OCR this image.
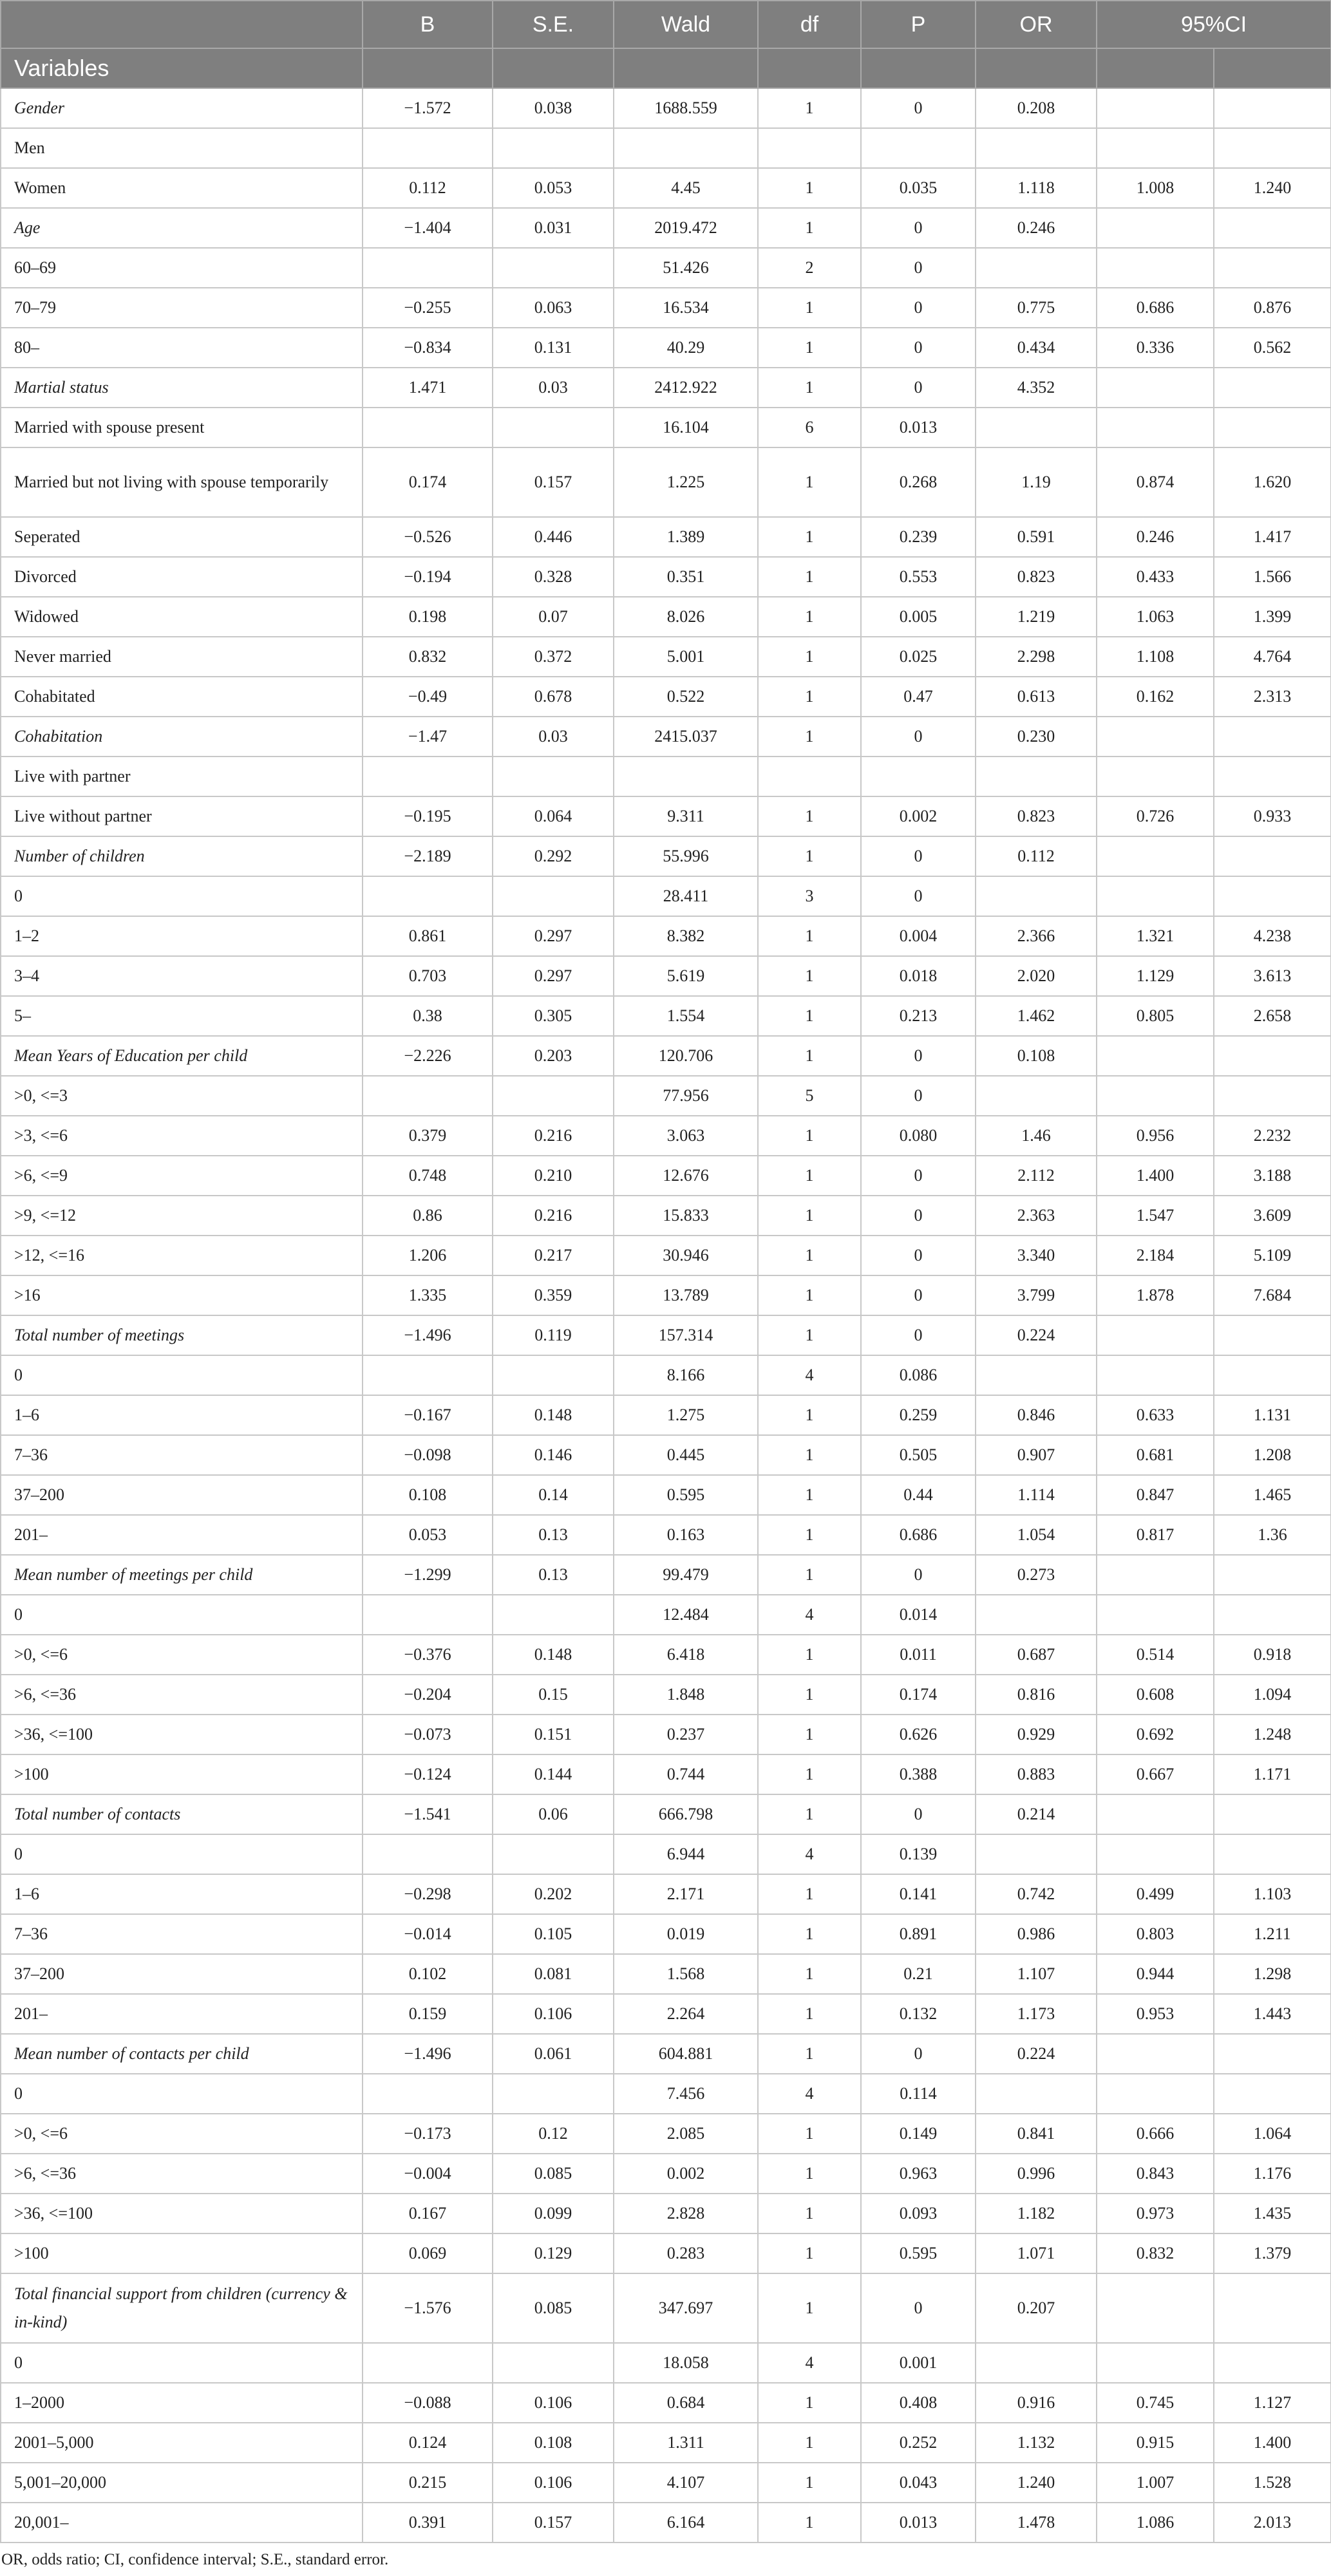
	B	S.E.	Wald	df	P	OR	95%CI	
Variables								
Gender	−1.572	0.038	1688.559	1	0	0.208		
Men								
Women	0.112	0.053	4.45	1	0.035	1.118	1.008	1.240
Age	−1.404	0.031	2019.472	1	0	0.246		
60–69			51.426	2	0			
70–79	−0.255	0.063	16.534	1	0	0.775	0.686	0.876
80–	−0.834	0.131	40.29	1	0	0.434	0.336	0.562
Martial status	1.471	0.03	2412.922	1	0	4.352		
Married with spouse present			16.104	6	0.013			
Married but not living with spouse temporarily	0.174	0.157	1.225	1	0.268	1.19	0.874	1.620
Seperated	−0.526	0.446	1.389	1	0.239	0.591	0.246	1.417
Divorced	−0.194	0.328	0.351	1	0.553	0.823	0.433	1.566
Widowed	0.198	0.07	8.026	1	0.005	1.219	1.063	1.399
Never married	0.832	0.372	5.001	1	0.025	2.298	1.108	4.764
Cohabitated	−0.49	0.678	0.522	1	0.47	0.613	0.162	2.313
Cohabitation	−1.47	0.03	2415.037	1	0	0.230		
Live with partner								
Live without partner	−0.195	0.064	9.311	1	0.002	0.823	0.726	0.933
Number of children	−2.189	0.292	55.996	1	0	0.112		
0			28.411	3	0			
1–2	0.861	0.297	8.382	1	0.004	2.366	1.321	4.238
3–4	0.703	0.297	5.619	1	0.018	2.020	1.129	3.613
5–	0.38	0.305	1.554	1	0.213	1.462	0.805	2.658
Mean Years of Education per child	−2.226	0.203	120.706	1	0	0.108		
>0, <=3			77.956	5	0			
>3, <=6	0.379	0.216	3.063	1	0.080	1.46	0.956	2.232
>6, <=9	0.748	0.210	12.676	1	0	2.112	1.400	3.188
>9, <=12	0.86	0.216	15.833	1	0	2.363	1.547	3.609
>12, <=16	1.206	0.217	30.946	1	0	3.340	2.184	5.109
>16	1.335	0.359	13.789	1	0	3.799	1.878	7.684
Total number of meetings	−1.496	0.119	157.314	1	0	0.224		
0			8.166	4	0.086			
1–6	−0.167	0.148	1.275	1	0.259	0.846	0.633	1.131
7–36	−0.098	0.146	0.445	1	0.505	0.907	0.681	1.208
37–200	0.108	0.14	0.595	1	0.44	1.114	0.847	1.465
201–	0.053	0.13	0.163	1	0.686	1.054	0.817	1.36
Mean number of meetings per child	−1.299	0.13	99.479	1	0	0.273		
0			12.484	4	0.014			
>0, <=6	−0.376	0.148	6.418	1	0.011	0.687	0.514	0.918
>6, <=36	−0.204	0.15	1.848	1	0.174	0.816	0.608	1.094
>36, <=100	−0.073	0.151	0.237	1	0.626	0.929	0.692	1.248
>100	−0.124	0.144	0.744	1	0.388	0.883	0.667	1.171
Total number of contacts	−1.541	0.06	666.798	1	0	0.214		
0			6.944	4	0.139			
1–6	−0.298	0.202	2.171	1	0.141	0.742	0.499	1.103
7–36	−0.014	0.105	0.019	1	0.891	0.986	0.803	1.211
37–200	0.102	0.081	1.568	1	0.21	1.107	0.944	1.298
201–	0.159	0.106	2.264	1	0.132	1.173	0.953	1.443
Mean number of contacts per child	−1.496	0.061	604.881	1	0	0.224		
0			7.456	4	0.114			
>0, <=6	−0.173	0.12	2.085	1	0.149	0.841	0.666	1.064
>6, <=36	−0.004	0.085	0.002	1	0.963	0.996	0.843	1.176
>36, <=100	0.167	0.099	2.828	1	0.093	1.182	0.973	1.435
>100	0.069	0.129	0.283	1	0.595	1.071	0.832	1.379
Total financial support from children (currency & in-kind)	−1.576	0.085	347.697	1	0	0.207		
0			18.058	4	0.001			
1–2000	−0.088	0.106	0.684	1	0.408	0.916	0.745	1.127
2001–5,000	0.124	0.108	1.311	1	0.252	1.132	0.915	1.400
5,001–20,000	0.215	0.106	4.107	1	0.043	1.240	1.007	1.528
20,001–	0.391	0.157	6.164	1	0.013	1.478	1.086	2.013
OR, odds ratio; CI, confidence interval; S.E., standard error.
